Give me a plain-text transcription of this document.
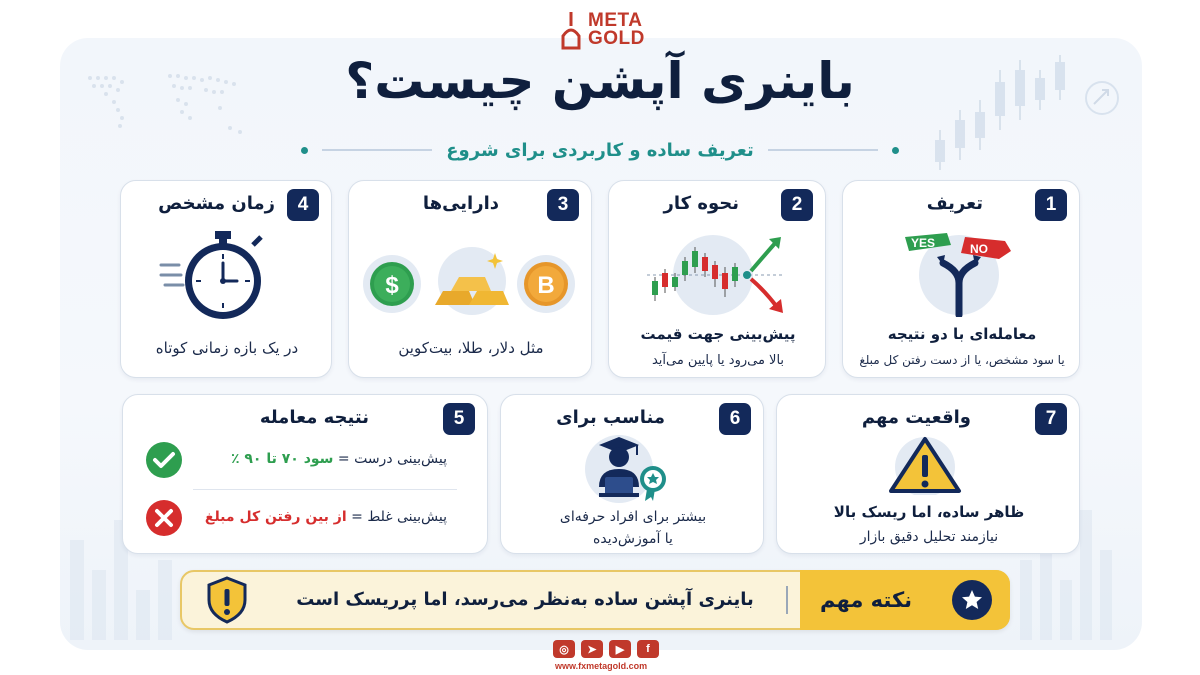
META
GOLD
باینری آپشن چیست؟
تعریف ساده و کاربردی برای شروع
1
تعریف
YES	NO
معامله‌ای با دو نتیجه
یا سود مشخص، یا از دست رفتن کل مبلغ
2
نحوه کار
پیش‌بینی جهت قیمت
بالا می‌رود یا پایین می‌آید
3
دارایی‌ها
$	B
مثل دلار، طلا، بیت‌کوین
4
زمان مشخص
در یک بازه زمانی کوتاه
7
واقعیت مهم
ظاهر ساده، اما ریسک بالا
نیازمند تحلیل دقیق بازار
6
مناسب برای
بیشتر برای افراد حرفه‌ای
یا آموزش‌دیده
5
نتیجه معامله
پیش‌بینی درست = سود ۷۰ تا ۹۰ ٪
پیش‌بینی غلط = از بین رفتن کل مبلغ
نکته مهم
باینری آپشن ساده به‌نظر می‌رسد، اما پرریسک است
◎	➤	▶	f
www.fxmetagold.com
